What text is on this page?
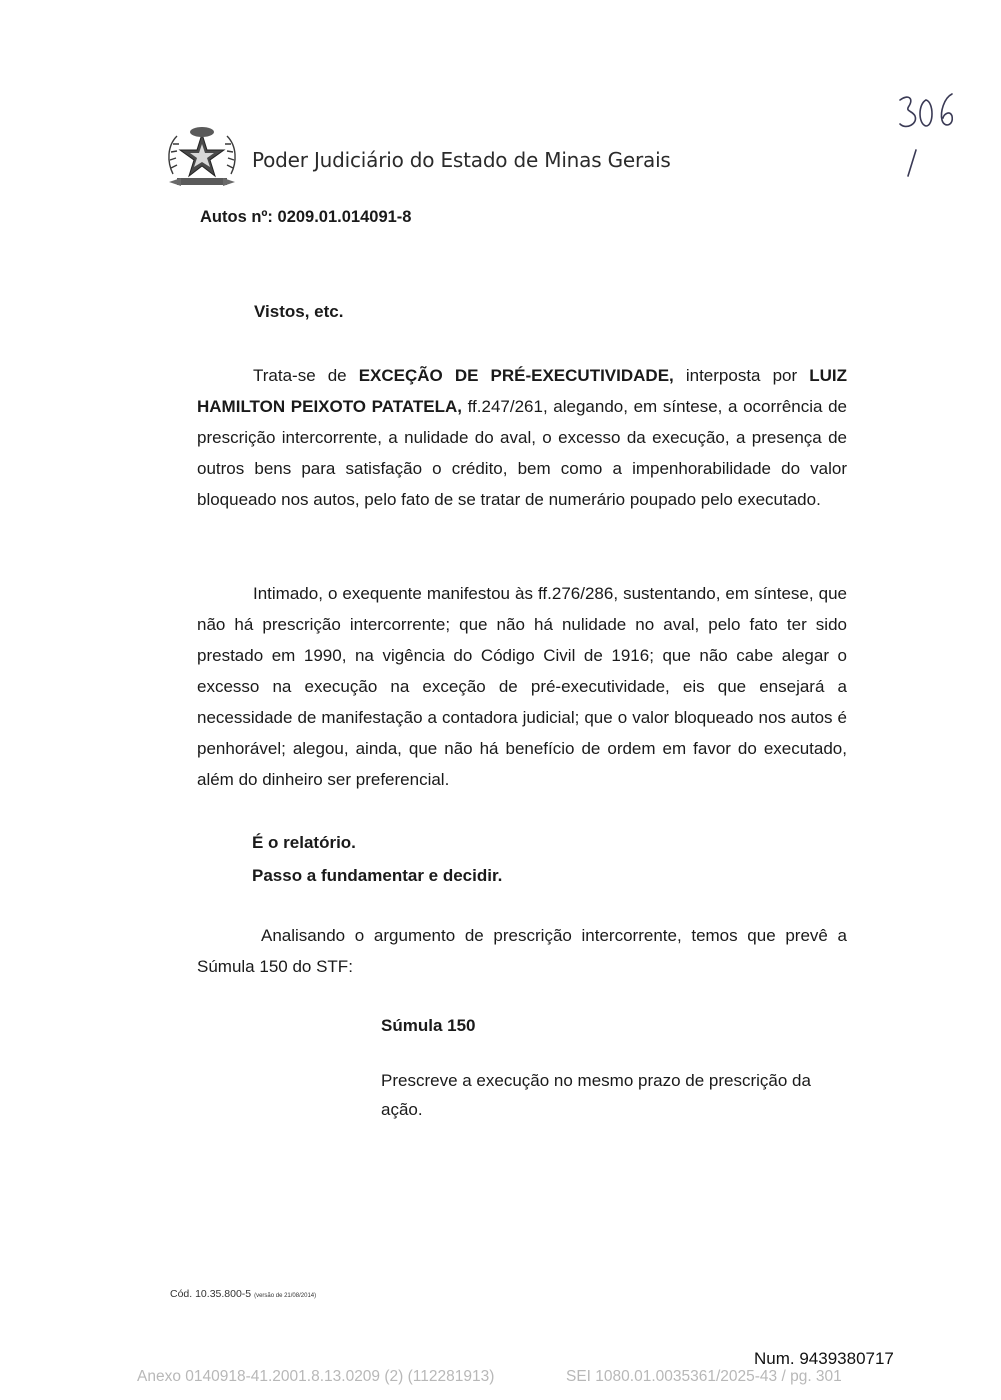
Poder Judiciário do Estado de Minas Gerais
Autos nº: 0209.01.014091-8
Vistos, etc.
Trata-se de EXCEÇÃO DE PRÉ-EXECUTIVIDADE, interposta por LUIZ HAMILTON PEIXOTO PATATELA, ff.247/261, alegando, em síntese, a ocorrência de prescrição intercorrente, a nulidade do aval, o excesso da execução, a presença de outros bens para satisfação o crédito, bem como a impenhorabilidade do valor bloqueado nos autos, pelo fato de se tratar de numerário poupado pelo executado.
Intimado, o exequente manifestou às ff.276/286, sustentando, em síntese, que não há prescrição intercorrente; que não há nulidade no aval, pelo fato ter sido prestado em 1990, na vigência do Código Civil de 1916; que não cabe alegar o excesso na execução na exceção de pré-executividade, eis que ensejará a necessidade de manifestação a contadora judicial; que o valor bloqueado nos autos é penhorável; alegou, ainda, que não há benefício de ordem em favor do executado, além do dinheiro ser preferencial.
É o relatório.
Passo a fundamentar e decidir.
Analisando o argumento de prescrição intercorrente, temos que prevê a Súmula 150 do STF:
Súmula 150
Prescreve a execução no mesmo prazo de prescrição da ação.
Cód. 10.35.800-5 (versão de 21/08/2014)
Num. 9439380717
Anexo 0140918-41.2001.8.13.0209 (2) (112281913)	SEI 1080.01.0035361/2025-43 / pg. 301
